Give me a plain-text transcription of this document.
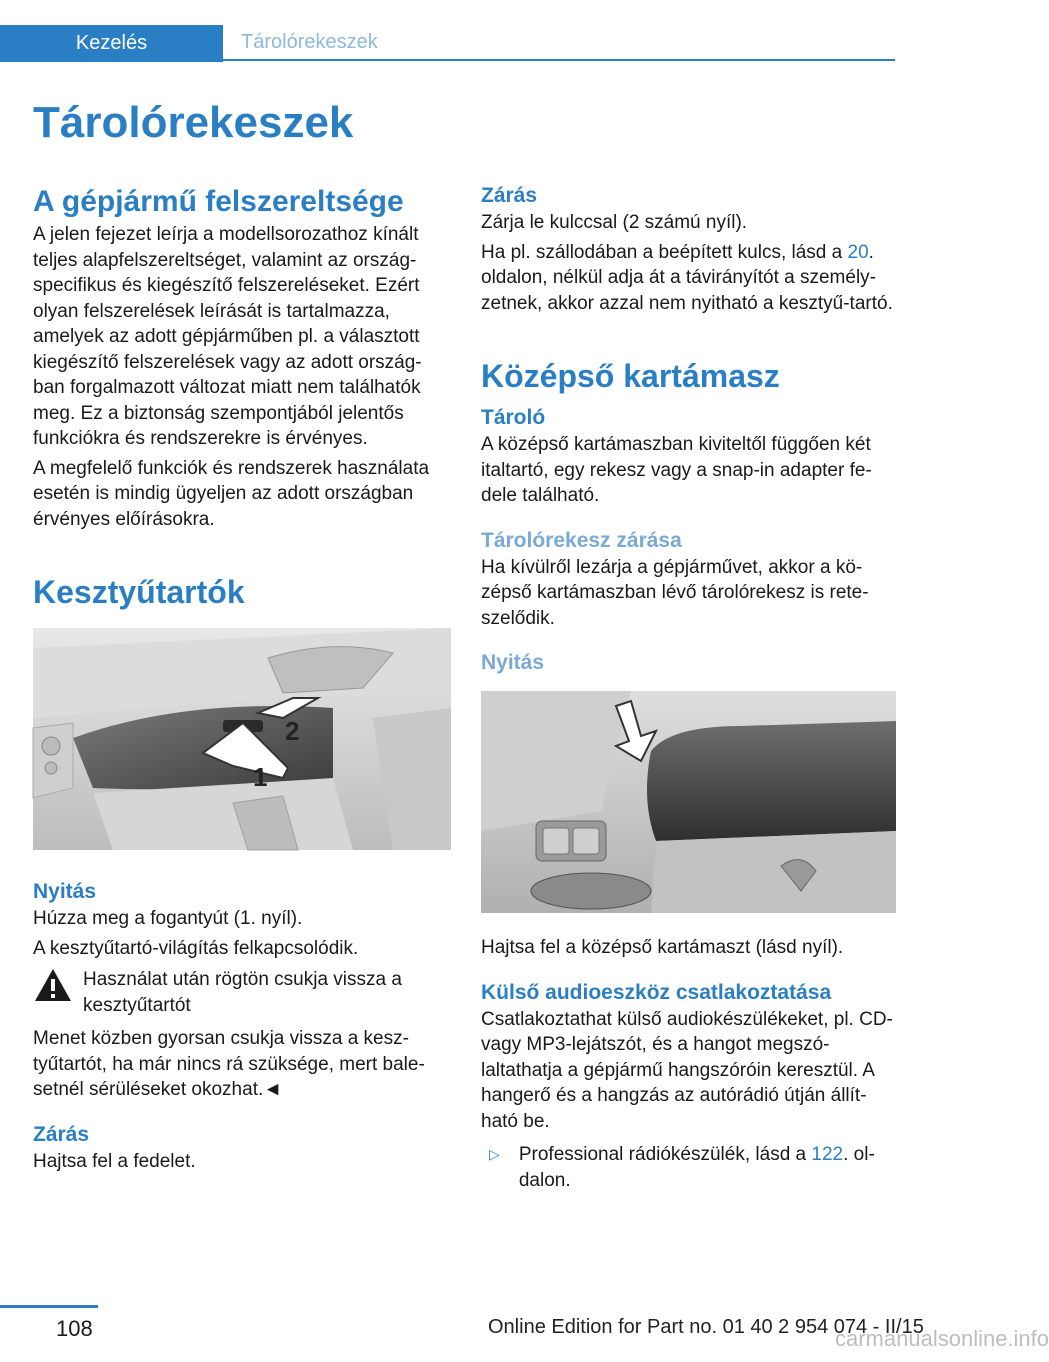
Kezelés	Tárolórekeszek
Tárolórekeszek
A gépjármű felszereltsége

A jelen fejezet leírja a modellsorozathoz kínált teljes alapfelszereltséget, valamint az ország-specifikus és kiegészítő felszereléseket. Ezért olyan felszerelések leírását is tartalmazza, amelyek az adott gépjárműben pl. a választott kiegészítő felszerelések vagy az adott ország-ban forgalmazott változat miatt nem találhatók meg. Ez a biztonság szempontjából jelentős funkciókra és rendszerekre is érvényes.

A megfelelő funkciók és rendszerek használata esetén is mindig ügyeljen az adott országban érvényes előírásokra.

Kesztyűtartók
2
1
Nyitás

Húzza meg a fogantyút (1. nyíl).

A kesztyűtartó-világítás felkapcsolódik.

Használat után rögtön csukja vissza a kesztyűtartót

Menet közben gyorsan csukja vissza a kesz-tyűtartót, ha már nincs rá szüksége, mert bale-setnél sérüléseket okozhat.◄

Zárás

Hajtsa fel a fedelet.

Zárás

Zárja le kulccsal (2 számú nyíl).

Ha pl. szállodában a beépített kulcs, lásd a 20. oldalon, nélkül adja át a távirányítót a személy-zetnek, akkor azzal nem nyitható a kesztyű-tartó.

Középső kartámasz
Tároló

A középső kartámaszban kiviteltől függően két italtartó, egy rekesz vagy a snap-in adapter fe-dele található.

Tárolórekesz zárása

Ha kívülről lezárja a gépjárművet, akkor a kö-zépső kartámaszban lévő tárolórekesz is rete-szelődik.

Nyitás

Hajtsa fel a középső kartámaszt (lásd nyíl).

Külső audioeszköz csatlakoztatása

Csatlakoztathat külső audiokészülékeket, pl. CD- vagy MP3-lejátszót, és a hangot megszó-laltathatja a gépjármű hangszóróin keresztül. A hangerő és a hangzás az autórádió útján állít-ható be.

▷	Professional rádiókészülék, lásd a 122. ol-dalon.
108	Online Edition for Part no. 01 40 2 954 074 - II/15
carmanualsonline.info
